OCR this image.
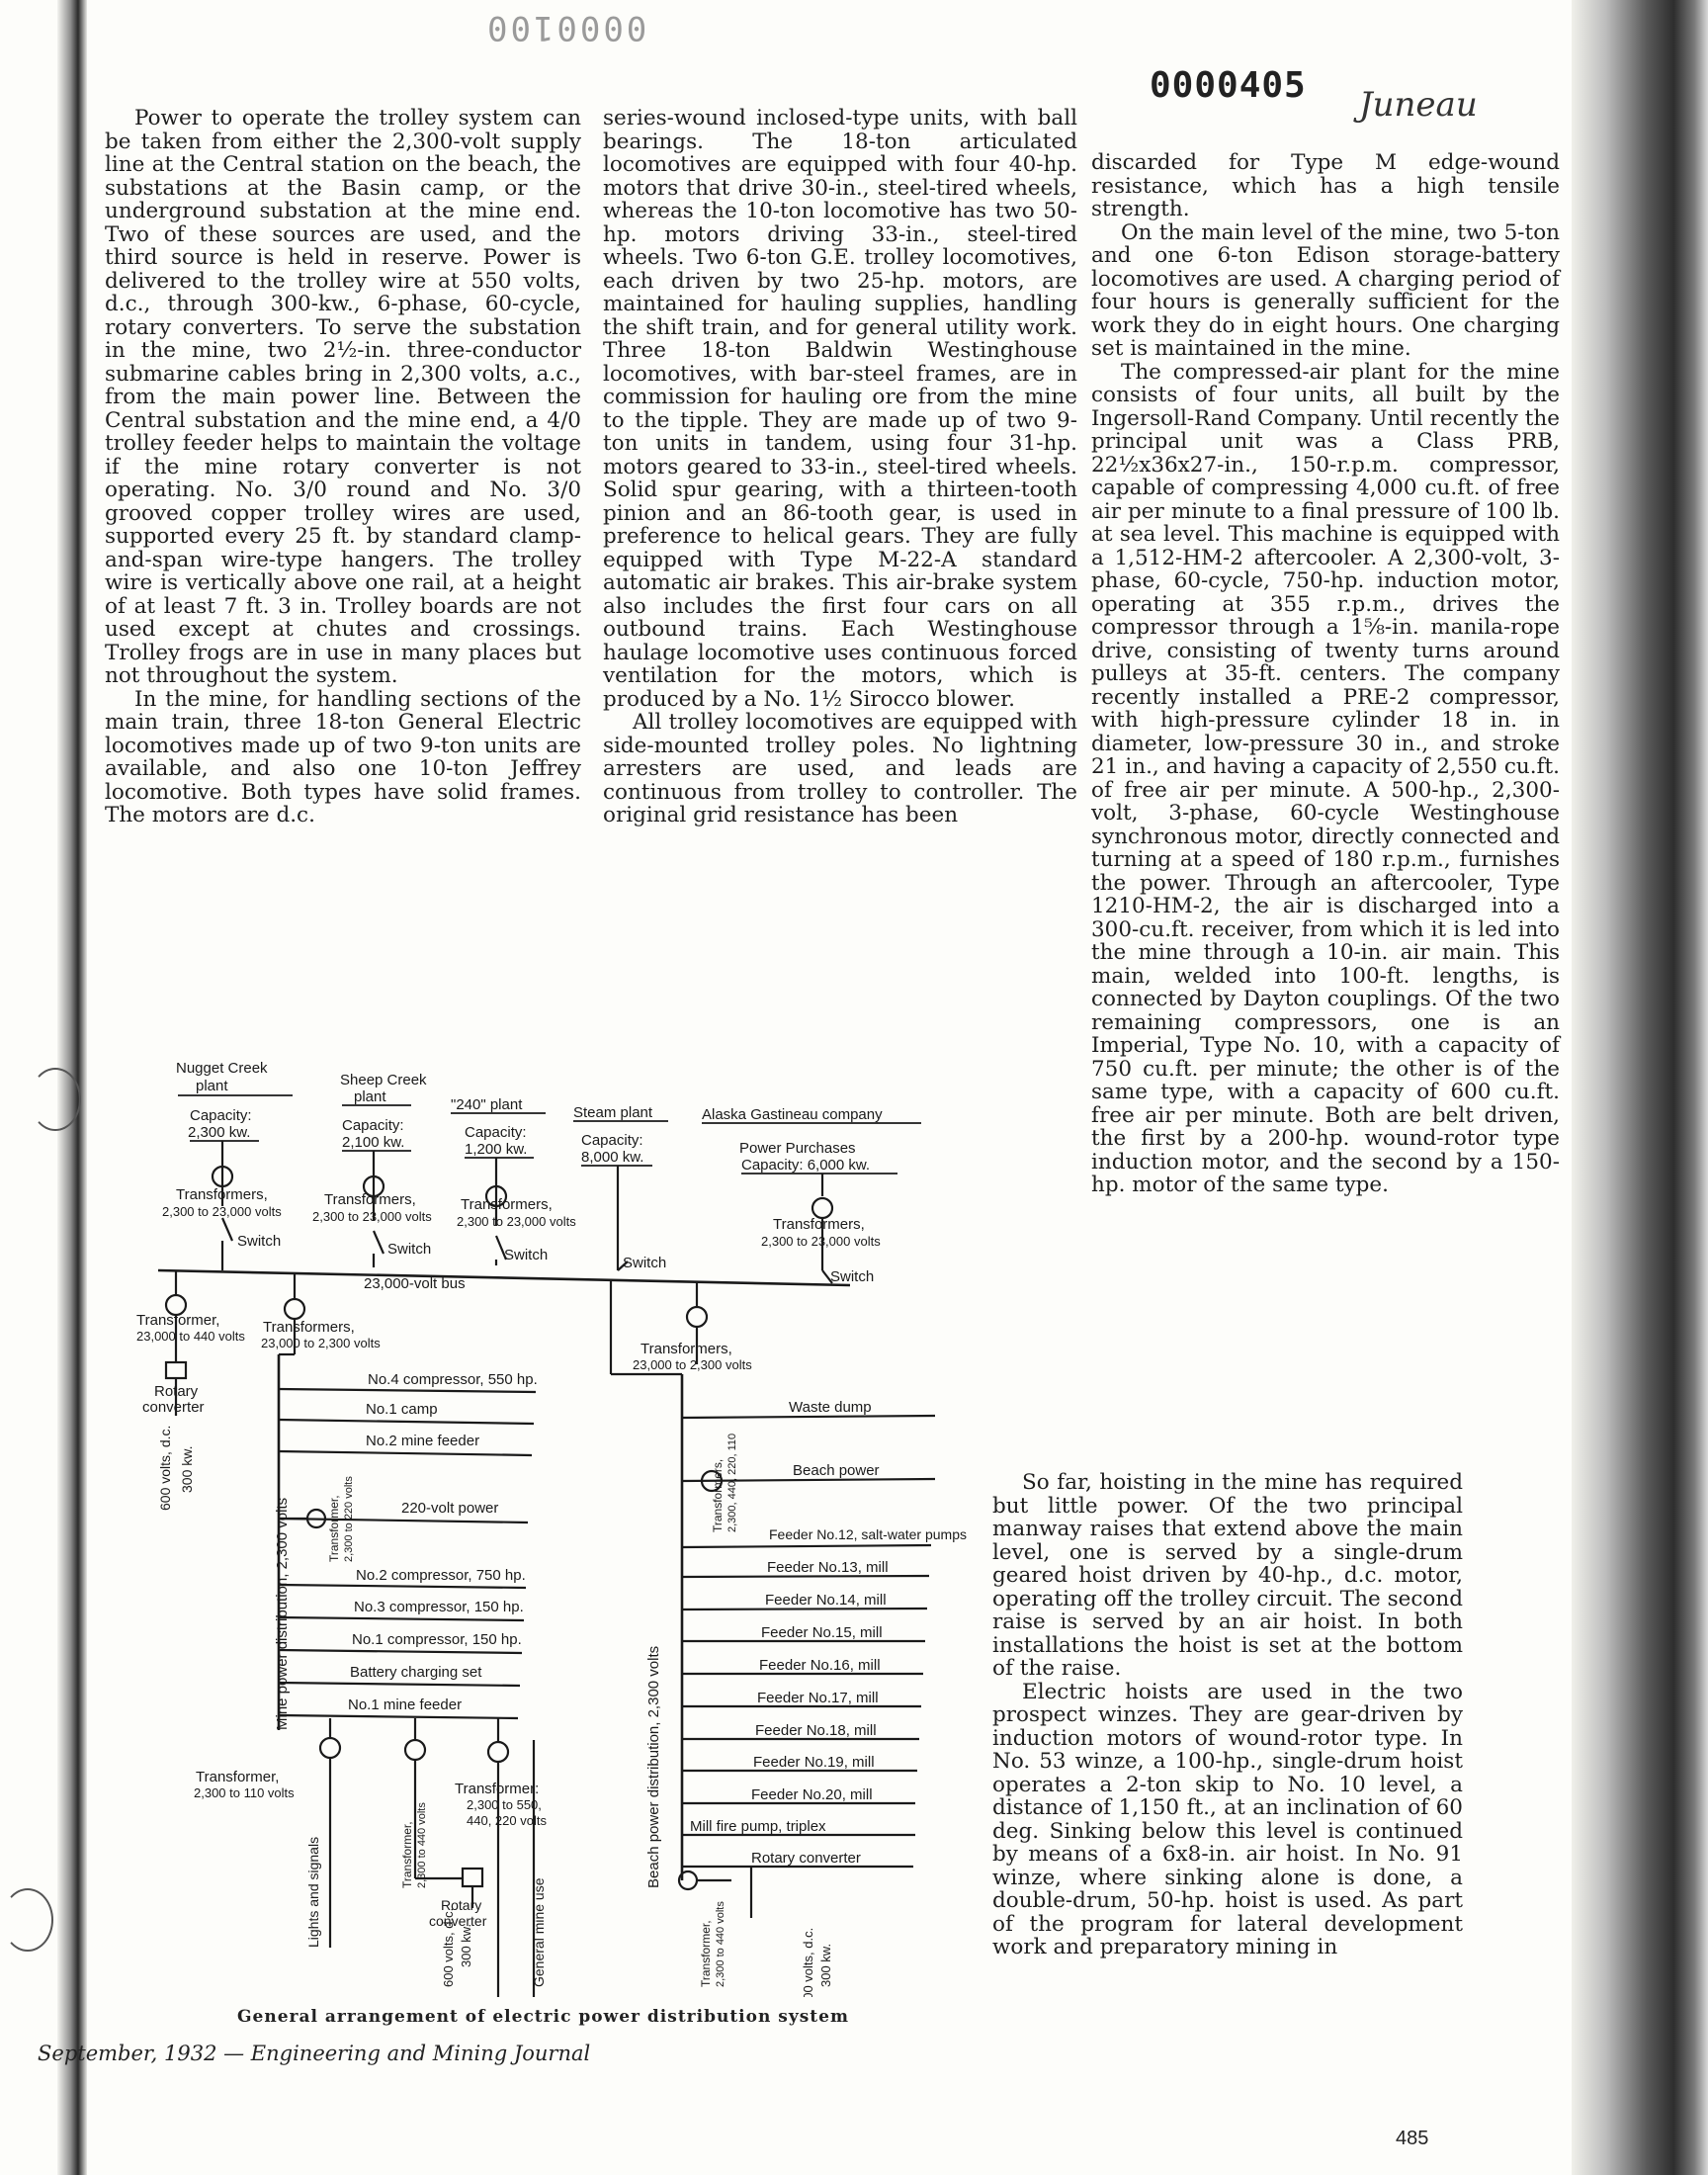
0000100
0000405 Juneau

Power to operate the trolley system can be taken from either the 2,300-volt supply line at the Central station on the beach, the substations at the Basin camp, or the underground substation at the mine end. Two of these sources are used, and the third source is held in reserve. Power is delivered to the trolley wire at 550 volts, d.c., through 300-kw., 6-phase, 60-cycle, rotary converters. To serve the substation in the mine, two 2½-in. three-conductor submarine cables bring in 2,300 volts, a.c., from the main power line. Between the Central substation and the mine end, a 4/0 trolley feeder helps to maintain the voltage if the mine rotary converter is not operating. No. 3/0 round and No. 3/0 grooved copper trolley wires are used, supported every 25 ft. by standard clamp-and-span wire-type hangers. The trolley wire is vertically above one rail, at a height of at least 7 ft. 3 in. Trolley boards are not used except at chutes and crossings. Trolley frogs are in use in many places but not throughout the system.

In the mine, for handling sections of the main train, three 18-ton General Electric locomotives made up of two 9-ton units are available, and also one 10-ton Jeffrey locomotive. Both types have solid frames. The motors are d.c.

series-wound inclosed-type units, with ball bearings. The 18-ton articulated locomotives are equipped with four 40-hp. motors that drive 30-in., steel-tired wheels, whereas the 10-ton locomotive has two 50-hp. motors driving 33-in., steel-tired wheels. Two 6-ton G.E. trolley locomotives, each driven by two 25-hp. motors, are maintained for hauling supplies, handling the shift train, and for general utility work. Three 18-ton Baldwin Westinghouse locomotives, with bar-steel frames, are in commission for hauling ore from the mine to the tipple. They are made up of two 9-ton units in tandem, using four 31-hp. motors geared to 33-in., steel-tired wheels. Solid spur gearing, with a thirteen-tooth pinion and an 86-tooth gear, is used in preference to helical gears. They are fully equipped with Type M-22-A standard automatic air brakes. This air-brake system also includes the first four cars on all outbound trains. Each Westinghouse haulage locomotive uses continuous forced ventilation for the motors, which is produced by a No. 1½ Sirocco blower.

All trolley locomotives are equipped with side-mounted trolley poles. No lightning arresters are used, and leads are continuous from trolley to controller. The original grid resistance has been

discarded for Type M edge-wound resistance, which has a high tensile strength.

On the main level of the mine, two 5-ton and one 6-ton Edison storage-battery locomotives are used. A charging period of four hours is generally sufficient for the work they do in eight hours. One charging set is maintained in the mine.

The compressed-air plant for the mine consists of four units, all built by the Ingersoll-Rand Company. Until recently the principal unit was a Class PRB, 22½x36x27-in., 150-r.p.m. compressor, capable of compressing 4,000 cu.ft. of free air per minute to a final pressure of 100 lb. at sea level. This machine is equipped with a 1,512-HM-2 aftercooler. A 2,300-volt, 3-phase, 60-cycle, 750-hp. induction motor, operating at 355 r.p.m., drives the compressor through a 1⅝-in. manila-rope drive, consisting of twenty turns around pulleys at 35-ft. centers. The company recently installed a PRE-2 compressor, with high-pressure cylinder 18 in. in diameter, low-pressure 30 in., and stroke 21 in., and having a capacity of 2,550 cu.ft. of free air per minute. A 500-hp., 2,300-volt, 3-phase, 60-cycle Westinghouse synchronous motor, directly connected and turning at a speed of 180 r.p.m., furnishes the power. Through an aftercooler, Type 1210-HM-2, the air is discharged into a 300-cu.ft. receiver, from which it is led into the mine through a 10-in. air main. This main, welded into 100-ft. lengths, is connected by Dayton couplings. Of the two remaining compressors, one is an Imperial, Type No. 10, with a capacity of 750 cu.ft. per minute; the other is of the same type, with a capacity of 600 cu.ft. free air per minute. Both are belt driven, the first by a 200-hp. wound-rotor type induction motor, and the second by a 150-hp. motor of the same type.

So far, hoisting in the mine has required but little power. Of the two principal manway raises that extend above the main level, one is served by a single-drum geared hoist driven by 40-hp., d.c. motor, operating off the trolley circuit. The second raise is served by an air hoist. In both installations the hoist is set at the bottom of the raise.

Electric hoists are used in the two prospect winzes. They are gear-driven by induction motors of wound-rotor type. In No. 53 winze, a 100-hp., single-drum hoist operates a 2-ton skip to No. 10 level, a distance of 1,150 ft., at an inclination of 60 deg. Sinking below this level is continued by means of a 6x8-in. air hoist. In No. 91 winze, where sinking alone is done, a double-drum, 50-hp. hoist is used. As part of the program for lateral development work and preparatory mining in

Nugget Creek
plant
Capacity:
2,300 kw.
Sheep Creek
plant
Capacity:
2,100 kw.
"240" plant
Capacity:
1,200 kw.
Steam plant
Capacity:
8,000 kw.
Alaska Gastineau company
Power Purchases
Capacity: 6,000 kw.
Transformers,
2,300 to 23,000 volts
Transformers,
2,300 to 23,000 volts
Transformers,
2,300 to 23,000 volts	Transformers,
2,300 to 23,000 volts
Switch	Switch	Switch	Switch
Switch
23,000-volt bus
Transformer,
23,000 to 440 volts
Transformers,
23,000 to 2,300 volts	Transformers,
23,000 to 2,300 volts
Rotary
converter
600 volts, d.c. 300 kw.
Mine power distribution, 2,300 volts	Transformer, 2,300 to 220 volts
Beach power distribution, 2,300 volts
Transformers, 2,300, 440, 220, 110
Lights and signals	Transformer, 2,300 to 440 volts
600 volts, d.c. 300 kw.	General mine use	Transformer, 2,300 to 440 volts	600 volts, d.c. 300 kw.
No.4 compressor, 550 hp.
No.1 camp
No.2 mine feeder
220-volt power
No.2 compressor, 750 hp.
No.3 compressor, 150 hp.
No.1 compressor, 150 hp.
Battery charging set
No.1 mine feeder
Transformer,
2,300 to 110 volts	Transformer:
2,300 to 550,
440, 220 volts
Rotary
converter
Waste dump
Beach power
Feeder No.12, salt-water pumps
Feeder No.13, mill
Feeder No.14, mill
Feeder No.15, mill
Feeder No.16, mill
Feeder No.17, mill
Feeder No.18, mill
Feeder No.19, mill
Feeder No.20, mill
Mill fire pump, triplex
Rotary converter
General arrangement of electric power distribution system
September, 1932 — Engineering and Mining Journal
485
